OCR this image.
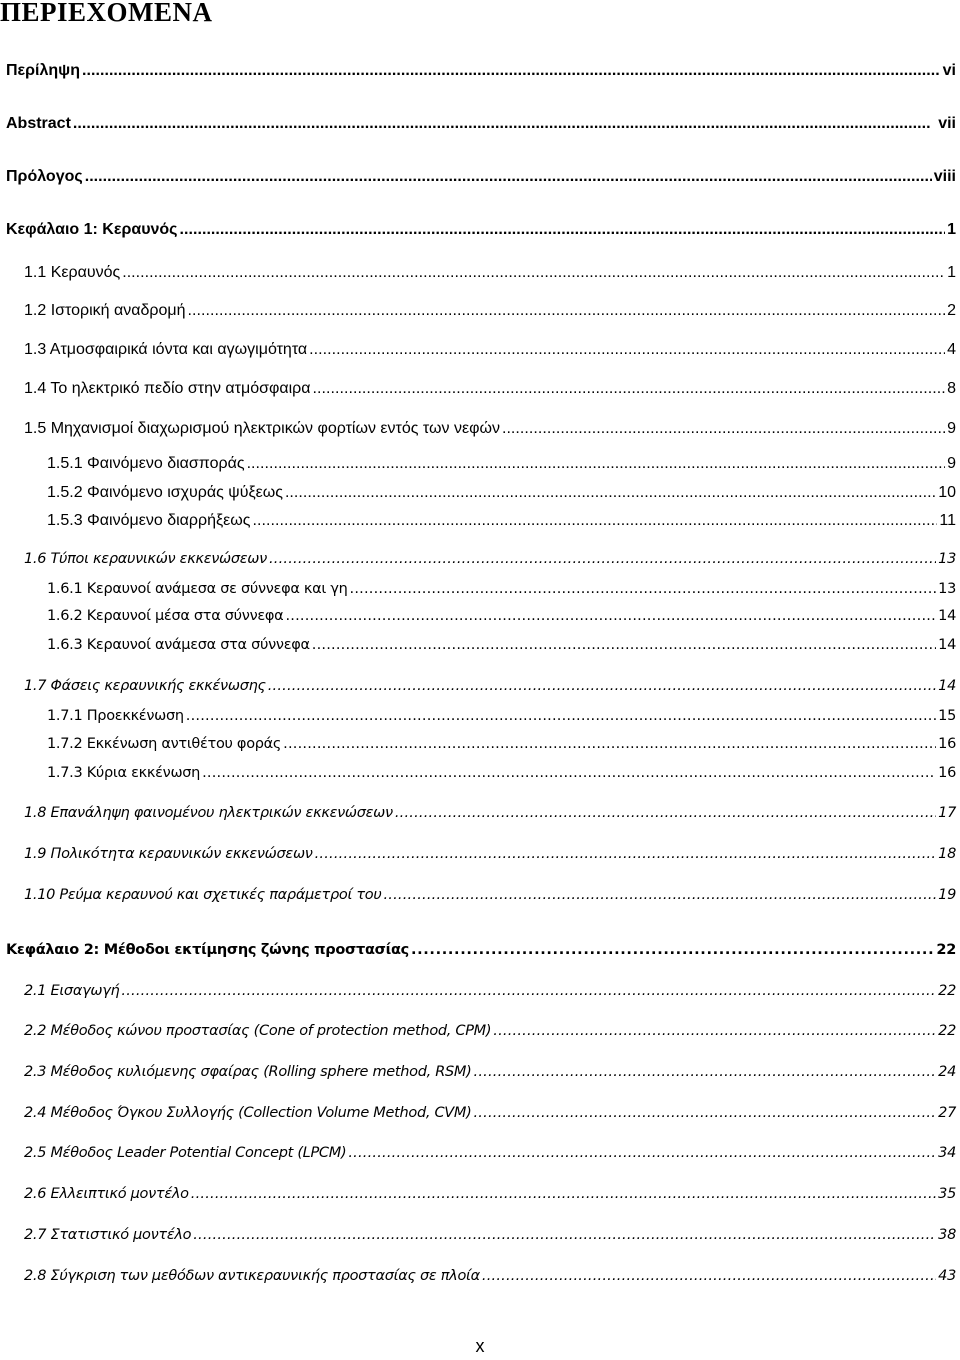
ΠΕΡΙΕΧΟΜΕΝΑ
Περίληψη . . .	vi
Abstract . . .	vii
Πρόλογος . . .	viii
Κεφάλαιο 1: Κεραυνός . . .	1
1.1 Κεραυνός . . .	1
1.2 Ιστορική αναδρομή . . .	2
1.3 Ατμοσφαιρικά ιόντα και αγωγιμότητα . . .	4
1.4 Το ηλεκτρικό πεδίο στην ατμόσφαιρα . . .	8
1.5 Μηχανισμοί διαχωρισμού ηλεκτρικών φορτίων εντός των νεφών . . .	9
1.5.1 Φαινόμενο διασποράς . . .	9
1.5.2 Φαινόμενο ισχυράς ψύξεως . . .	10
1.5.3 Φαινόμενο διαρρήξεως . . .	11
1.6 Τύποι κεραυνικών εκκενώσεων . . .	13
1.6.1 Κεραυνοί ανάμεσα σε σύννεφα και γη . . .	13
1.6.2 Κεραυνοί μέσα στα σύννεφα . . .	14
1.6.3 Κεραυνοί ανάμεσα στα σύννεφα . . .	14
1.7 Φάσεις κεραυνικής εκκένωσης . . .	14
1.7.1 Προεκκένωση . . .	15
1.7.2 Εκκένωση αντιθέτου φοράς . . .	16
1.7.3 Κύρια εκκένωση . . .	16
1.8 Επανάληψη φαινομένου ηλεκτρικών εκκενώσεων . . .	17
1.9 Πολικότητα κεραυνικών εκκενώσεων . . .	18
1.10 Ρεύμα κεραυνού και σχετικές παράμετροί του . . .	19
Κεφάλαιο 2: Μέθοδοι εκτίμησης ζώνης προστασίας . . .	22
2.1 Εισαγωγή . . .	22
2.2 Μέθοδος κώνου προστασίας (Cone of protection method, CPM) . . .	22
2.3 Μέθοδος κυλιόμενης σφαίρας (Rolling sphere method, RSM) . . .	24
2.4 Μέθοδος Όγκου Συλλογής (Collection Volume Method, CVM) . . .	27
2.5 Μέθοδος Leader Potential Concept (LPCM) . . .	34
2.6 Ελλειπτικό μοντέλο . . .	35
2.7 Στατιστικό μοντέλο . . .	38
2.8 Σύγκριση των μεθόδων αντικεραυνικής προστασίας σε πλοία . . .	43
x
